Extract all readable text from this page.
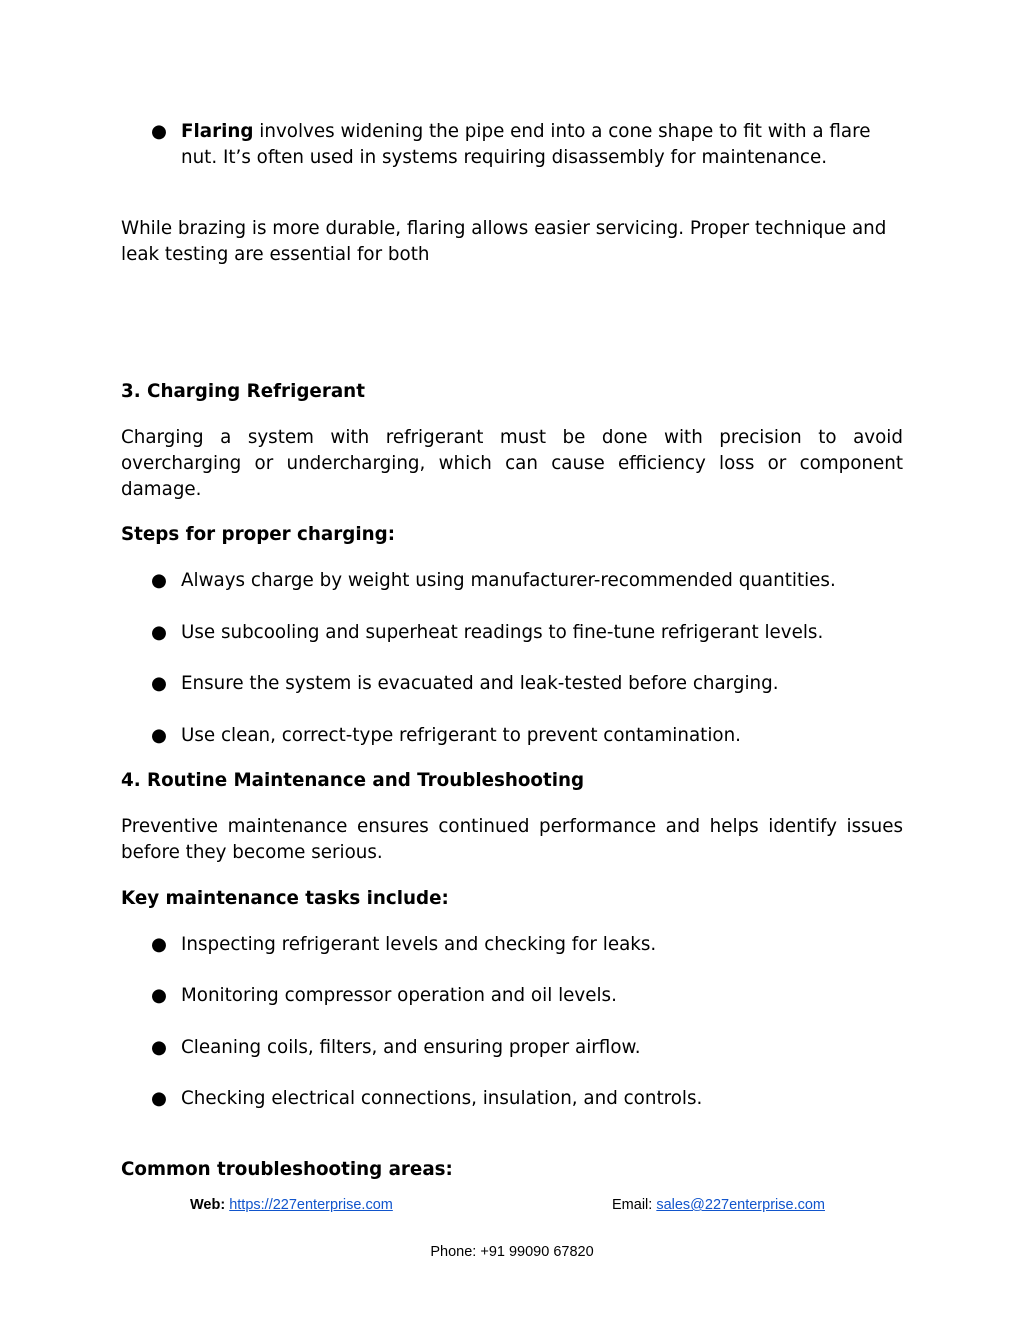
● Flaring involves widening the pipe end into a cone shape to fit with a flare
nut. It’s often used in systems requiring disassembly for maintenance.
While brazing is more durable, flaring allows easier servicing. Proper technique and
leak testing are essential for both
3. Charging Refrigerant
Charging a system with refrigerant must be done with precision to avoid
overcharging or undercharging, which can cause efficiency loss or component
damage.
Steps for proper charging:
● Always charge by weight using manufacturer-recommended quantities.
● Use subcooling and superheat readings to fine-tune refrigerant levels.
● Ensure the system is evacuated and leak-tested before charging.
● Use clean, correct-type refrigerant to prevent contamination.
4. Routine Maintenance and Troubleshooting
Preventive maintenance ensures continued performance and helps identify issues
before they become serious.
Key maintenance tasks include:
● Inspecting refrigerant levels and checking for leaks.
● Monitoring compressor operation and oil levels.
● Cleaning coils, filters, and ensuring proper airflow.
● Checking electrical connections, insulation, and controls.
Common troubleshooting areas:
Web: https://227enterprise.com	Email: sales@227enterprise.com
Phone: +91 99090 67820
